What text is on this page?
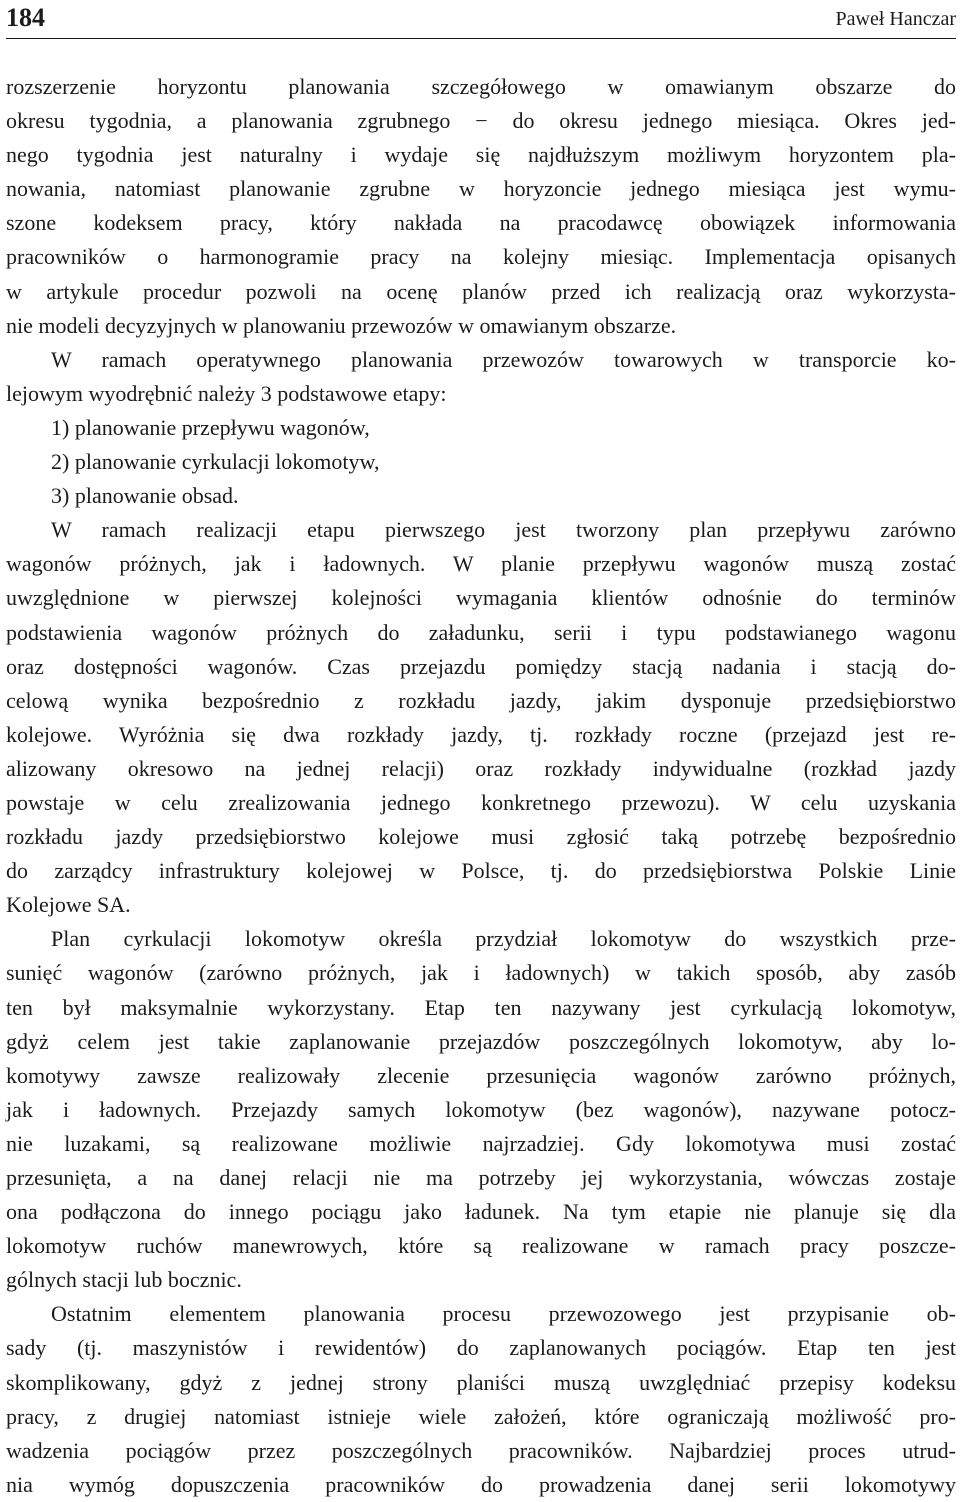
184	Paweł Hanczar
rozszerzenie horyzontu planowania szczegółowego w omawianym obszarze do
okresu tygodnia, a planowania zgrubnego − do okresu jednego miesiąca. Okres jed-
nego tygodnia jest naturalny i wydaje się najdłuższym możliwym horyzontem pla-
nowania, natomiast planowanie zgrubne w horyzoncie jednego miesiąca jest wymu-
szone kodeksem pracy, który nakłada na pracodawcę obowiązek informowania
pracowników o harmonogramie pracy na kolejny miesiąc. Implementacja opisanych
w artykule procedur pozwoli na ocenę planów przed ich realizacją oraz wykorzysta-
nie modeli decyzyjnych w planowaniu przewozów w omawianym obszarze.
W ramach operatywnego planowania przewozów towarowych w transporcie ko-
lejowym wyodrębnić należy 3 podstawowe etapy:
1) planowanie przepływu wagonów,
2) planowanie cyrkulacji lokomotyw,
3) planowanie obsad.
W ramach realizacji etapu pierwszego jest tworzony plan przepływu zarówno
wagonów próżnych, jak i ładownych. W planie przepływu wagonów muszą zostać
uwzględnione w pierwszej kolejności wymagania klientów odnośnie do terminów
podstawienia wagonów próżnych do załadunku, serii i typu podstawianego wagonu
oraz dostępności wagonów. Czas przejazdu pomiędzy stacją nadania i stacją do-
celową wynika bezpośrednio z rozkładu jazdy, jakim dysponuje przedsiębiorstwo
kolejowe. Wyróżnia się dwa rozkłady jazdy, tj. rozkłady roczne (przejazd jest re-
alizowany okresowo na jednej relacji) oraz rozkłady indywidualne (rozkład jazdy
powstaje w celu zrealizowania jednego konkretnego przewozu). W celu uzyskania
rozkładu jazdy przedsiębiorstwo kolejowe musi zgłosić taką potrzebę bezpośrednio
do zarządcy infrastruktury kolejowej w Polsce, tj. do przedsiębiorstwa Polskie Linie
Kolejowe SA.
Plan cyrkulacji lokomotyw określa przydział lokomotyw do wszystkich prze-
sunięć wagonów (zarówno próżnych, jak i ładownych) w takich sposób, aby zasób
ten był maksymalnie wykorzystany. Etap ten nazywany jest cyrkulacją lokomotyw,
gdyż celem jest takie zaplanowanie przejazdów poszczególnych lokomotyw, aby lo-
komotywy zawsze realizowały zlecenie przesunięcia wagonów zarówno próżnych,
jak i ładownych. Przejazdy samych lokomotyw (bez wagonów), nazywane potocz-
nie luzakami, są realizowane możliwie najrzadziej. Gdy lokomotywa musi zostać
przesunięta, a na danej relacji nie ma potrzeby jej wykorzystania, wówczas zostaje
ona podłączona do innego pociągu jako ładunek. Na tym etapie nie planuje się dla
lokomotyw ruchów manewrowych, które są realizowane w ramach pracy poszcze-
gólnych stacji lub bocznic.
Ostatnim elementem planowania procesu przewozowego jest przypisanie ob-
sady (tj. maszynistów i rewidentów) do zaplanowanych pociągów. Etap ten jest
skomplikowany, gdyż z jednej strony planiści muszą uwzględniać przepisy kodeksu
pracy, z drugiej natomiast istnieje wiele założeń, które ograniczają możliwość pro-
wadzenia pociągów przez poszczególnych pracowników. Najbardziej proces utrud-
nia wymóg dopuszczenia pracowników do prowadzenia danej serii lokomotywy
